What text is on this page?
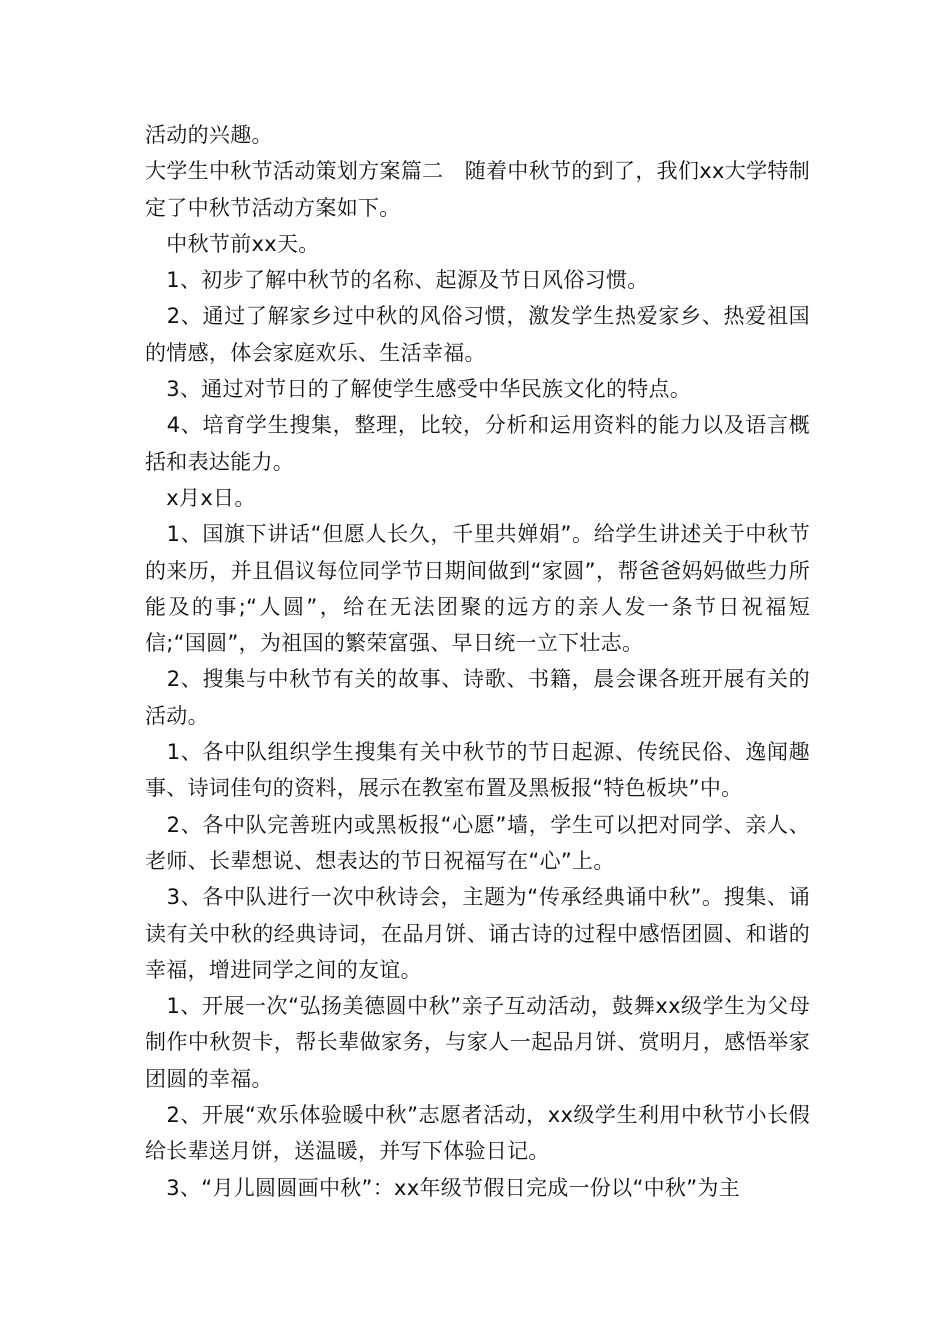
活动的兴趣。

大学生中秋节活动策划方案篇二　随着中秋节的到了，我们xx大学特制定了中秋节活动方案如下。

　中秋节前xx天。

　1、初步了解中秋节的名称、起源及节日风俗习惯。

　2、通过了解家乡过中秋的风俗习惯，激发学生热爱家乡、热爱祖国的情感，体会家庭欢乐、生活幸福。

　3、通过对节日的了解使学生感受中华民族文化的特点。

　4、培育学生搜集，整理，比较，分析和运用资料的能力以及语言概括和表达能力。

　x月x日。

　1、国旗下讲话“但愿人长久，千里共婵娟”。给学生讲述关于中秋节的来历，并且倡议每位同学节日期间做到“家圆”，帮爸爸妈妈做些力所能及的事;“人圆”，给在无法团聚的远方的亲人发一条节日祝福短信;“国圆”，为祖国的繁荣富强、早日统一立下壮志。

　2、搜集与中秋节有关的故事、诗歌、书籍，晨会课各班开展有关的活动。

　1、各中队组织学生搜集有关中秋节的节日起源、传统民俗、逸闻趣事、诗词佳句的资料，展示在教室布置及黑板报“特色板块”中。

　2、各中队完善班内或黑板报“心愿”墙，学生可以把对同学、亲人、老师、长辈想说、想表达的节日祝福写在“心”上。

　3、各中队进行一次中秋诗会，主题为“传承经典诵中秋”。搜集、诵读有关中秋的经典诗词，在品月饼、诵古诗的过程中感悟团圆、和谐的幸福，增进同学之间的友谊。

　1、开展一次“弘扬美德圆中秋”亲子互动活动，鼓舞xx级学生为父母制作中秋贺卡，帮长辈做家务，与家人一起品月饼、赏明月，感悟举家团圆的幸福。

　2、开展“欢乐体验暖中秋”志愿者活动，xx级学生利用中秋节小长假给长辈送月饼，送温暖，并写下体验日记。

　3、“月儿圆圆画中秋”：xx年级节假日完成一份以“中秋”为主
